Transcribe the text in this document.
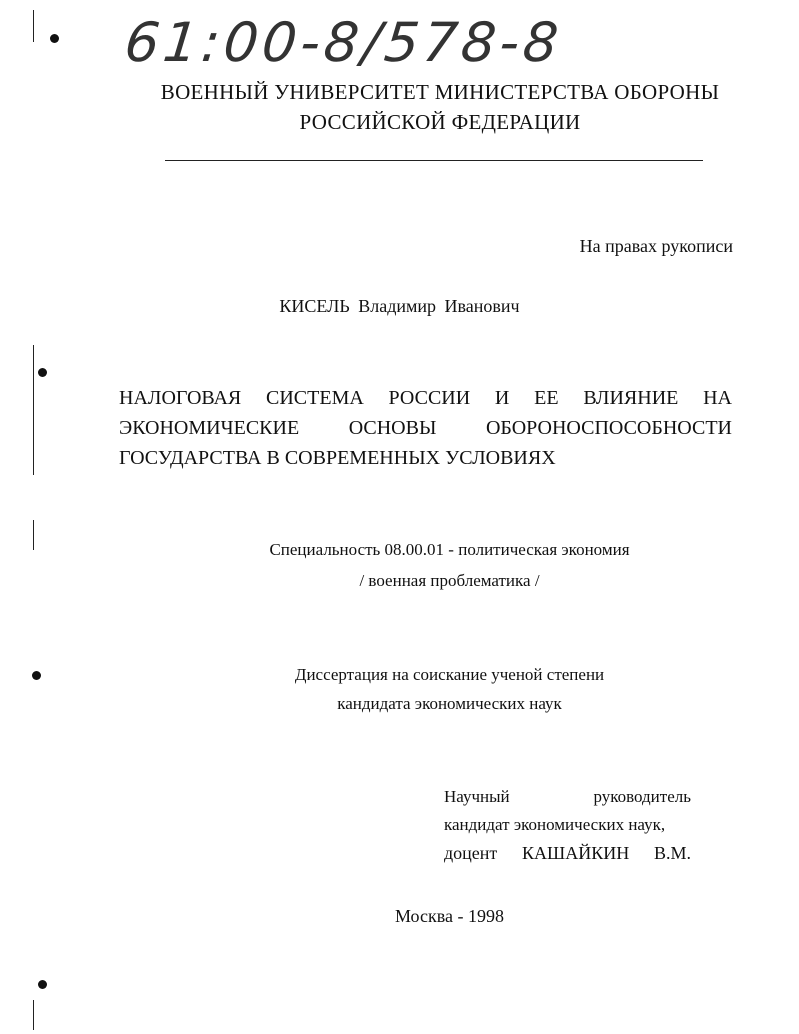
61:00-8/578-8
ВОЕННЫЙ УНИВЕРСИТЕТ МИНИСТЕРСТВА ОБОРОНЫ
РОССИЙСКОЙ ФЕДЕРАЦИИ
На правах рукописи
КИСЕЛЬ Владимир Иванович
НАЛОГОВАЯ СИСТЕМА РОССИИ И ЕЕ ВЛИЯНИЕ НА
ЭКОНОМИЧЕСКИЕ ОСНОВЫ ОБОРОНОСПОСОБНОСТИ
ГОСУДАРСТВА В СОВРЕМЕННЫХ УСЛОВИЯХ
Специальность 08.00.01 - политическая экономия
/ военная проблематика /
Диссертация на соискание ученой степени
кандидата экономических наук
Научный руководитель
кандидат экономических наук,
доцент КАШАЙКИН В.М.
Москва - 1998
